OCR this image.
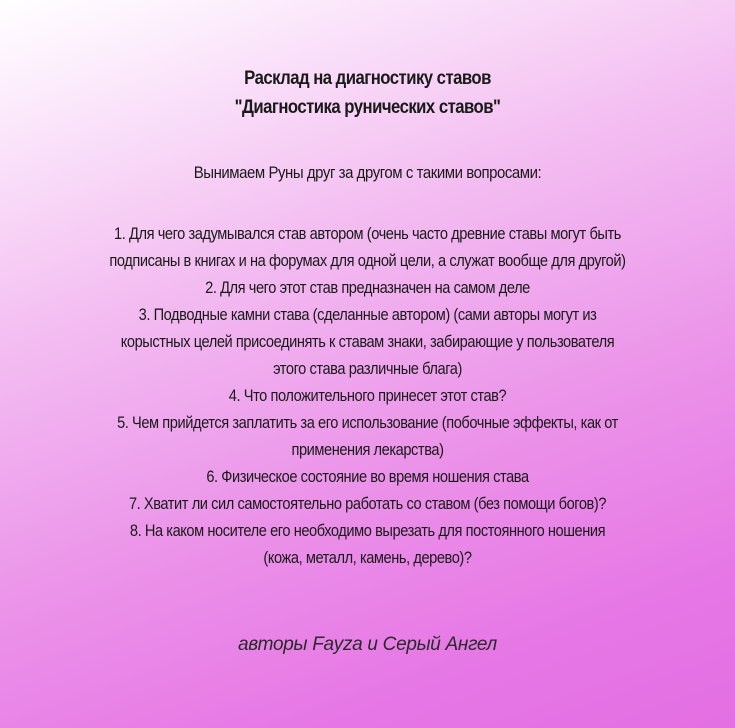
Расклад на диагностику ставов
"Диагностика рунических ставов"
Вынимаем Руны друг за другом с такими вопросами:
1. Для чего задумывался став автором (очень часто древние ставы могут быть
подписаны в книгах и на форумах для одной цели, а служат вообще для другой)
2. Для чего этот став предназначен на самом деле
3. Подводные камни става (сделанные автором) (сами авторы могут из
корыстных целей присоединять к ставам знаки, забирающие у пользователя
этого става различные блага)
4. Что положительного принесет этот став?
5. Чем прийдется заплатить за его использование (побочные эффекты, как от
применения лекарства)
6. Физическое состояние во время ношения става
7. Хватит ли сил самостоятельно работать со ставом (без помощи богов)?
8. На каком носителе его необходимо вырезать для постоянного ношения
(кожа, металл, камень, дерево)?
авторы Fayza и Серый Ангел
